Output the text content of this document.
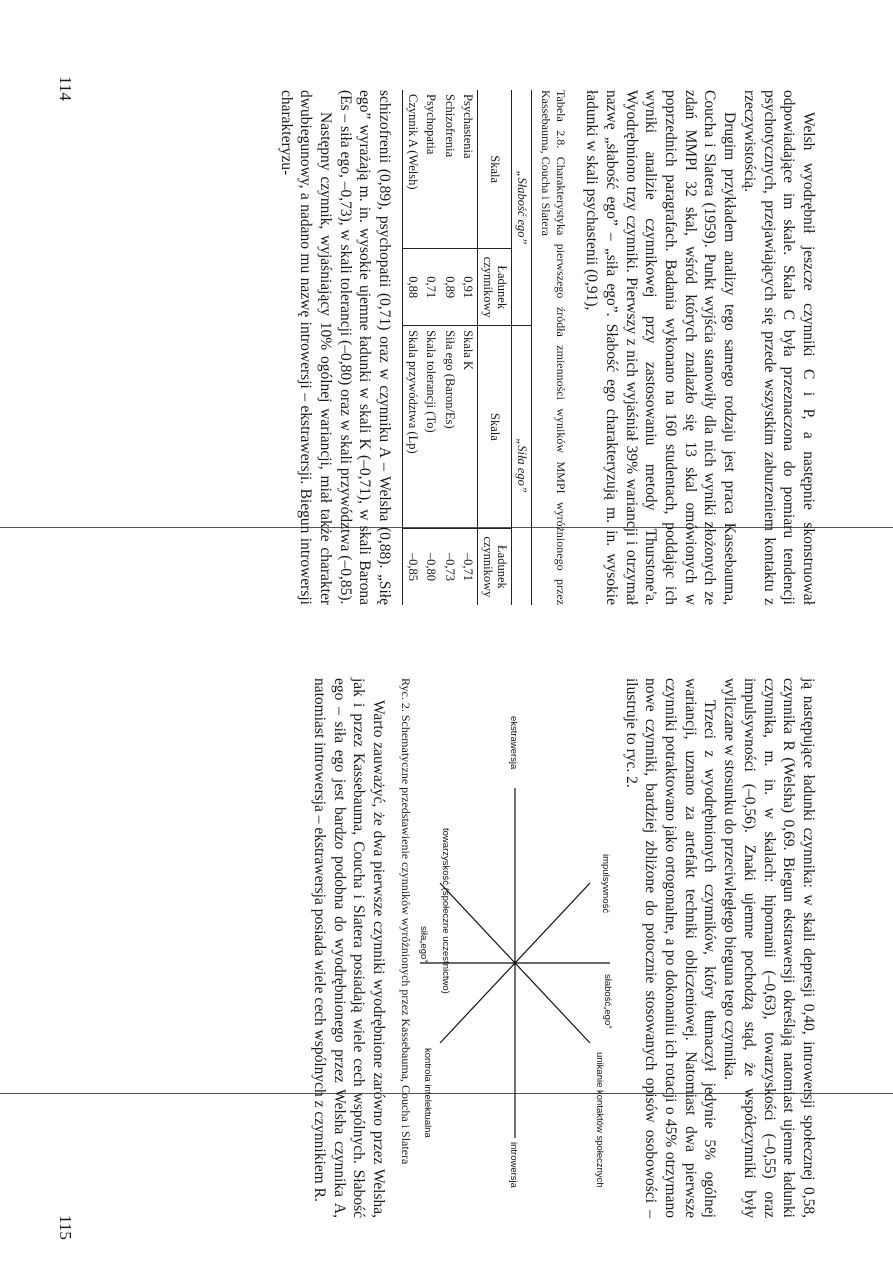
114

Welsh wyodrębnił jeszcze czynniki C i P, a następnie skonstruował odpowiadające im skale. Skala C była przeznaczona do pomiaru tendencji psychotycznych, przejawiających się przede wszystkim zaburzeniem kontaktu z rzeczywistością.

Drugim przykładem analizy tego samego rodzaju jest praca Kassebauma, Coucha i Slatera (1959). Punkt wyjścia stanowiły dla nich wyniki złożonych ze zdań MMPI 32 skal, wśród których znalazło się 13 skal omówionych w poprzednich paragrafach. Badania wykonano na 160 studentach, poddając ich wyniki analizie czynnikowej przy zastosowaniu metody Thurstone'a. Wyodrębniono trzy czynniki. Pierwszy z nich wyjaśniał 39% wariancji i otrzymał nazwę „słabość ego” – „siła ego”. Słabość ego charakteryzują m. in. wysokie ładunki w skali psychastenii (0,91),

Tabela 2.8. Charakterystyka pierwszego źródła zmienności wyników MMPI wyróżnionego przez Kassebauma, Coucha i Slatera
„Słabość ego”		„Siła ego”	
Skala	Ładunek czynnikowy	Skala	Ładunek czynnikowy
Psychastenia	0,91	Skala K	–0,71
Schizofrenia	0,89	Siła ego (Baron/Es)	–0,73
Psychopatia	0,71	Skala tolerancji (To)	–0,80
Czynnik A (Welsh)	0,88	Skala przywództwa (Lp)	–0,85

schizofrenii (0,89), psychopatii (0,71) oraz w czynniku A – Welsha (0,88). „Siłę ego” wyrażają m. in. wysokie ujemne ładunki w skali K (–0,71), w skali Barona (Es – siła ego, –0,73), w skali tolerancji (–0,80) oraz w skali przywództwa (–0,85).

Następny czynnik, wyjaśniający 10% ogólnej wariancji, miał także charakter dwubiegunowy, a nadano mu nazwę introwersji – ekstrawersji. Biegun introwersji charakteryzu-

115

ją następujące ładunki czynnika: w skali depresji 0,40, introwersji społecznej 0,58, czynnika R (Welsha) 0,69. Biegun ekstrawersji określają natomiast ujemne ładunki czynnika, m. in. w skalach: hipomanii (–0,63), towarzyskości (–0,55) oraz impulsywności (–0,56). Znaki ujemne pochodzą stąd, że współczynniki były wyliczane w stosunku do przeciwległego bieguna tego czynnika.

Trzeci z wyodrębnionych czynników, który tłumaczył jedynie 5% ogólnej wariancji, uznano za artefakt techniki obliczeniowej. Natomiast dwa pierwsze czynniki potraktowano jako ortogonalne, a po dokonaniu ich rotacji o 45% otrzymano nowe czynniki, bardziej zbliżone do potocznie stosowanych opisów osobowości – ilustruje to ryc. 2.

impulsywność
słabość„ego”
unikanie kontaktów społecznych
ekstrawersja
introwersja
towarzyskość (społeczne uczestnictwo)
siła„ego”
kontrola intelektualna
Ryc. 2. Schematyczne przedstawienie czynników wyróżnionych przez Kassebauma, Coucha i Slatera

Warto zauważyć, że dwa pierwsze czynniki wyodrębnione zarówno przez Welsha, jak i przez Kassebauma, Coucha i Slatera posiadają wiele cech wspólnych. Słabość ego – siła ego jest bardzo podobna do wyodrębnionego przez Welsha czynnika A, natomiast introwersja – ekstrawersja posiada wiele cech wspólnych z czynnikiem R.
